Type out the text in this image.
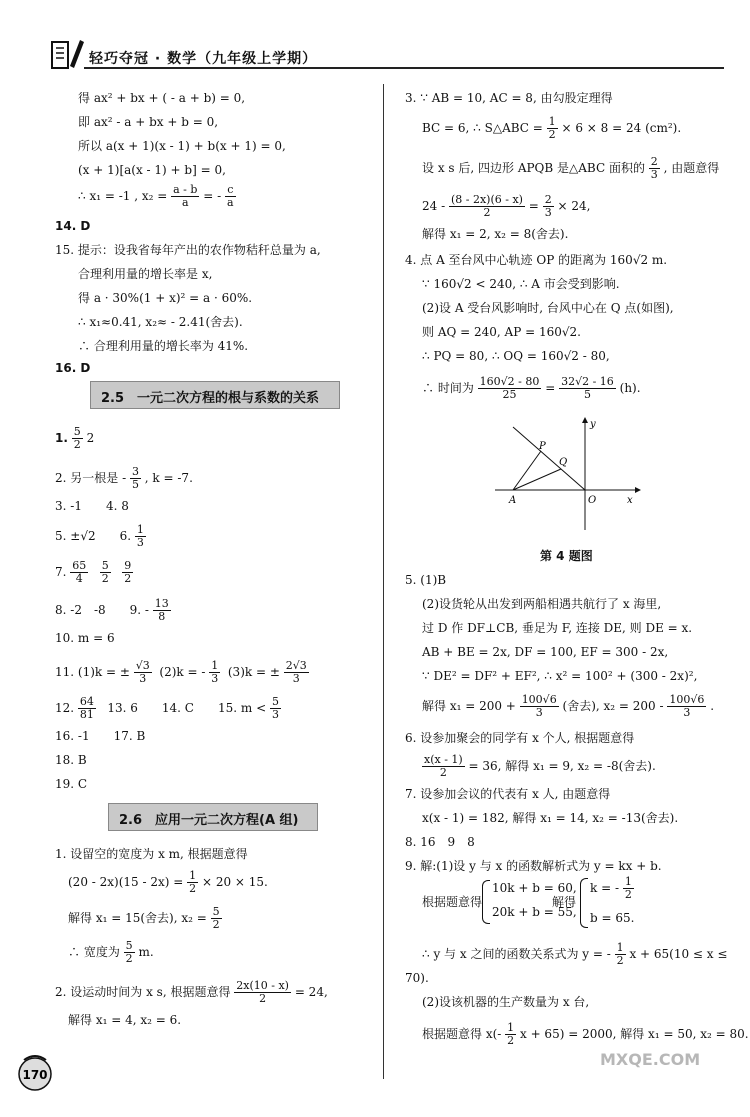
轻巧夺冠 · 数学（九年级上学期）
得 ax² + bx + ( - a + b) = 0,
即 ax² - a + bx + b = 0,
所以 a(x + 1)(x - 1) + b(x + 1) = 0,
(x + 1)[a(x - 1) + b] = 0,
∴ x₁ = -1 , $x_2 = \frac{a - b}{a}$ = - $\frac{c}{a}$
14. D
15. 提示：设我省每年产出的农作物秸秆总量为 a,
合理利用量的增长率是 x,
得 a · 30%(1 + x)² = a · 60%.
∴ x₁≈0.41, x₂≈ - 2.41(舍去).
∴ 合理利用量的增长率为 41%.
16. D
2.5　一元二次方程的根与系数的关系
1. $\frac{5}{2} 2$
2. 另一根是 - $\frac{3}{5}$ , k = -7.
3. -1　　4. 8
5. ±√2　　6. $\frac{1}{3}$
7. $\frac{65}{4}$
$\frac{5}{2}$
$\frac{9}{2}$
8. -2　-8　　9. - $\frac{13}{8}$
10. m = 6
11. (1)k = ± $\frac{√3}{3} (2)k$ = - $\frac{1}{3} (3)k$ = ± $\frac{2√3}{3}$
12. $\frac{64}{81} 13$. 6　　14. C　　15. $m < \frac{5}{3}$
16. -1　　17. B
18. B
19. C
2.6　应用一元二次方程(A 组)
1. 设留空的宽度为 x m, 根据题意得
$(20 - 2x)(15 - 2x) = \frac{1}{2} \times 20 \times 15$.
解得 x₁ = 15(舍去), $x_2 = \frac{5}{2}$
∴ 宽度为 $\frac{5}{2} m$.
2. 设运动时间为 x s, 根据题意得 $\frac{2x(10 - x)}{2} = 24$,
解得 x₁ = 4, x₂ = 6.
3. ∵ AB = 10, AC = 8, 由勾股定理得
BC = 6, ∴ S△ABC = $\frac{1}{2} \times 6 \times 8 = 24$ (cm²).
设 x s 后, 四边形 APQB 是△ABC 面积的 $\frac{2}{3}$ , 由题意得
$24 - \frac{(8 - 2x)(6 - x)}{2} = \frac{2}{3} \times 24$,
解得 x₁ = 2, x₂ = 8(舍去).
4. 点 A 至台风中心轨迹 OP 的距离为 160√2 m.
∵ 160√2 < 240, ∴ A 市会受到影响.
(2)设 A 受台风影响时, 台风中心在 Q 点(如图),
则 AQ = 240, AP = 160√2.
∴ PQ = 80, ∴ OQ = 160√2 - 80,
∴ 时间为 $\frac{160√2 - 80}{25} = \frac{32√2 - 16}{5} (h)$.
P
Q
A	O	x
y
第 4 题图
5. (1)B
(2)设货轮从出发到两船相遇共航行了 x 海里,
过 D 作 DF⊥CB, 垂足为 F, 连接 DE, 则 DE = x.
AB + BE = 2x, DF = 100, EF = 300 - 2x,
∵ DE² = DF² + EF², ∴ x² = 100² + (300 - 2x)²,
解得 $x_1 = 200 + \frac{100√6}{3}$ (舍去), $x_2 = 200 - \frac{100√6}{3}$ .
6. 设参加聚会的同学有 x 个人, 根据题意得
$\frac{x(x - 1)}{2} = 36$, 解得 x₁ = 9, x₂ = -8(舍去).
7. 设参加会议的代表有 x 人, 由题意得
x(x - 1) = 182, 解得 x₁ = 14, x₂ = -13(舍去).
8. 16　9　8
9. 解:(1)设 y 与 x 的函数解析式为 y = kx + b.
根据题意得
10k + b = 60,
20k + b = 55,
解得
k = - $\frac{1}{2}$
b = 65.
∴ y 与 x 之间的函数关系式为 y = - $\frac{1}{2}$ x + 65(10 ≤ x ≤
70).
(2)设该机器的生产数量为 x 台,
根据题意得 $x(- \frac{1}{2}$ x + 65) = 2000, 解得 x₁ = 50, x₂ = 80.
170
MXQE.COM
